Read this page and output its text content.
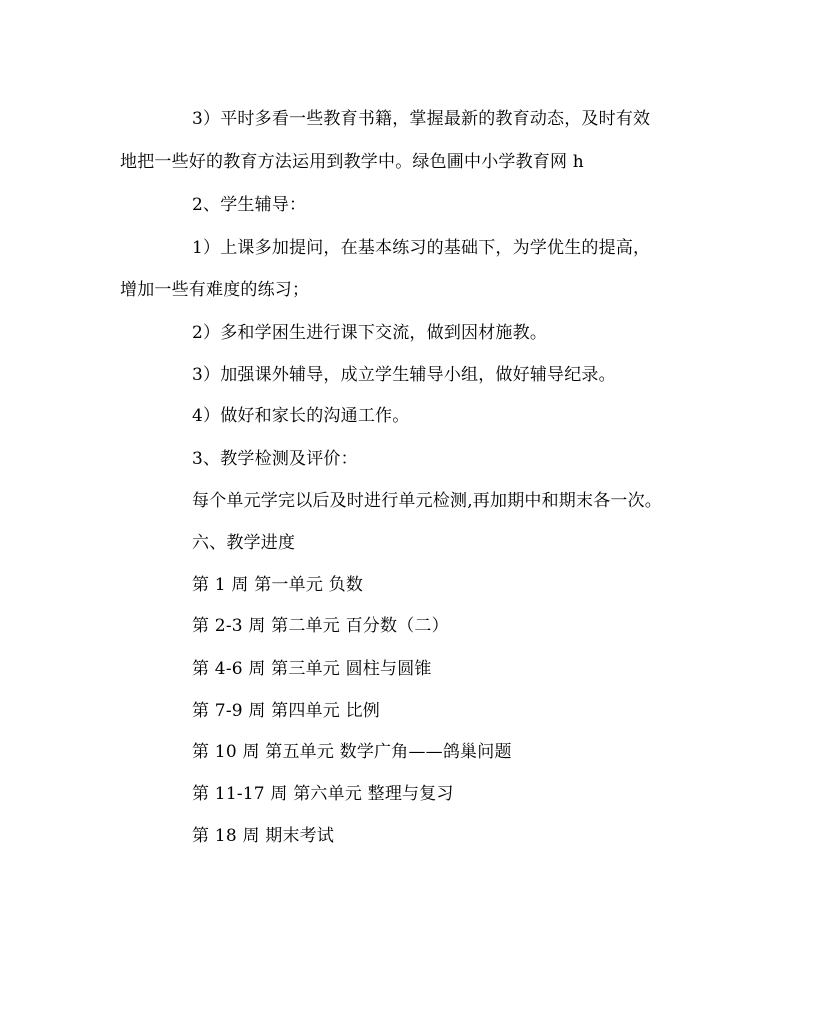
3）平时多看一些教育书籍，掌握最新的教育动态，及时有效
地把一些好的教育方法运用到教学中。绿色圃中小学教育网 h
2、学生辅导：
1）上课多加提问，在基本练习的基础下，为学优生的提高，
增加一些有难度的练习；
2）多和学困生进行课下交流，做到因材施教。
3）加强课外辅导，成立学生辅导小组，做好辅导纪录。
4）做好和家长的沟通工作。
3、教学检测及评价：
每个单元学完以后及时进行单元检测,再加期中和期末各一次。
六、教学进度
第 1 周 第一单元 负数
第 2-3 周 第二单元 百分数（二）
第 4-6 周 第三单元 圆柱与圆锥
第 7-9 周 第四单元 比例
第 10 周 第五单元 数学广角——鸽巢问题
第 11-17 周 第六单元 整理与复习
第 18 周 期末考试
